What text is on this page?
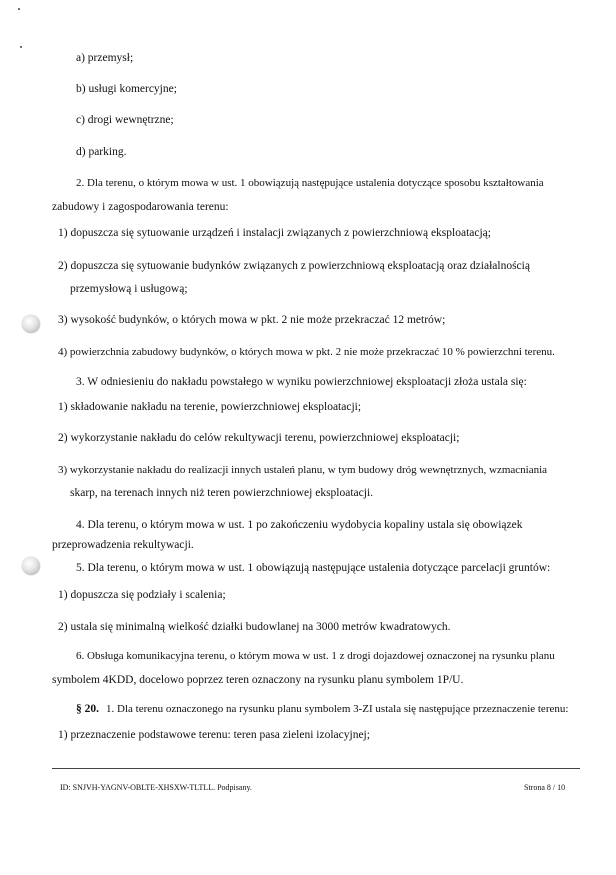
a) przemysł;
b) usługi komercyjne;
c) drogi wewnętrzne;
d) parking.
2. Dla terenu, o którym mowa w ust. 1 obowiązują następujące ustalenia dotyczące sposobu kształtowania
zabudowy i zagospodarowania terenu:
1) dopuszcza się sytuowanie urządzeń i instalacji związanych z powierzchniową eksploatacją;
2) dopuszcza się sytuowanie budynków związanych z powierzchniową eksploatacją oraz działalnością
przemysłową i usługową;
3) wysokość budynków, o których mowa w pkt. 2 nie może przekraczać 12 metrów;
4) powierzchnia zabudowy budynków, o których mowa w pkt. 2 nie może przekraczać 10 % powierzchni terenu.
3. W odniesieniu do nakładu powstałego w wyniku powierzchniowej eksploatacji złoża ustala się:
1) składowanie nakładu na terenie, powierzchniowej eksploatacji;
2) wykorzystanie nakładu do celów rekultywacji terenu, powierzchniowej eksploatacji;
3) wykorzystanie nakładu do realizacji innych ustaleń planu, w tym budowy dróg wewnętrznych, wzmacniania
skarp, na terenach innych niż teren powierzchniowej eksploatacji.
4. Dla terenu, o którym mowa w ust. 1 po zakończeniu wydobycia kopaliny ustala się obowiązek
przeprowadzenia rekultywacji.
5. Dla terenu, o którym mowa w ust. 1 obowiązują następujące ustalenia dotyczące parcelacji gruntów:
1) dopuszcza się podziały i scalenia;
2) ustala się minimalną wielkość działki budowlanej na 3000 metrów kwadratowych.
6. Obsługa komunikacyjna terenu, o którym mowa w ust. 1 z drogi dojazdowej oznaczonej na rysunku planu
symbolem 4KDD, docelowo poprzez teren oznaczony na rysunku planu symbolem 1P/U.
§ 20. 1. Dla terenu oznaczonego na rysunku planu symbolem 3-ZI ustala się następujące przeznaczenie terenu:
1) przeznaczenie podstawowe terenu: teren pasa zieleni izolacyjnej;
ID: SNJVH-YAGNV-OBLTE-XHSXW-TLTLL. Podpisany.	Strona 8 / 10
